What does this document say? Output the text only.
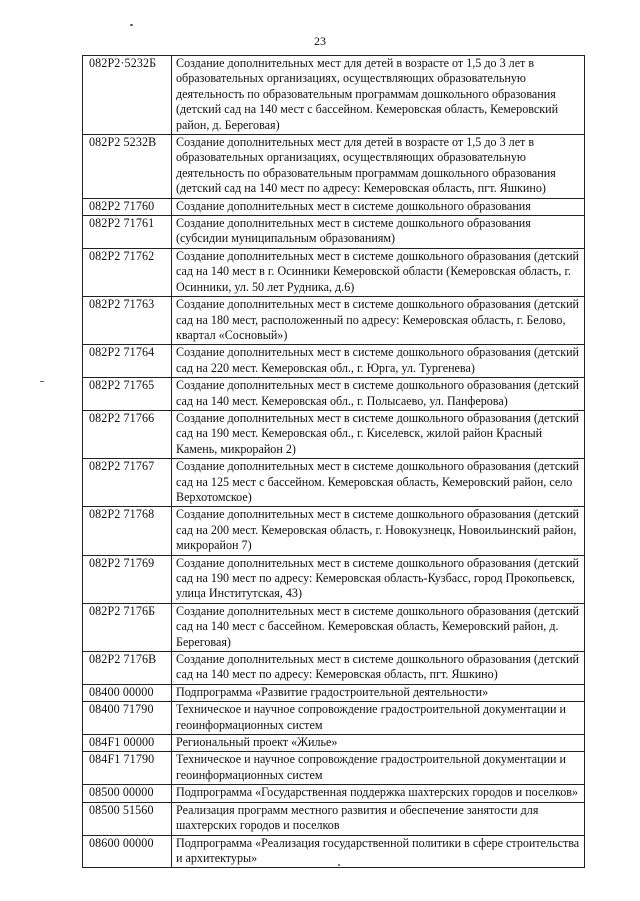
23
082P2·5232Б	Создание дополнительных мест для детей в возрасте от 1,5 до 3 лет в образовательных организациях, осуществляющих образовательную деятельность по образовательным программам дошкольного образования (детский сад на 140 мест с бассейном. Кемеровская область, Кемеровский район, д. Береговая)
082P2 5232В	Создание дополнительных мест для детей в возрасте от 1,5 до 3 лет в образовательных организациях, осуществляющих образовательную деятельность по образовательным программам дошкольного образования (детский сад на 140 мест по адресу: Кемеровская область, пгт. Яшкино)
082P2 71760	Создание дополнительных мест в системе дошкольного образования
082P2 71761	Создание дополнительных мест в системе дошкольного образования (субсидии муниципальным образованиям)
082P2 71762	Создание дополнительных мест в системе дошкольного образования (детский сад на 140 мест в г. Осинники Кемеровской области (Кемеровская область, г. Осинники, ул. 50 лет Рудника, д.6)
082P2 71763	Создание дополнительных мест в системе дошкольного образования (детский сад на 180 мест, расположенный по адресу: Кемеровская область, г. Белово, квартал «Сосновый»)
082P2 71764	Создание дополнительных мест в системе дошкольного образования (детский сад на 220 мест. Кемеровская обл., г. Юрга, ул. Тургенева)
082P2 71765	Создание дополнительных мест в системе дошкольного образования (детский сад на 140 мест. Кемеровская обл., г. Полысаево, ул. Панферова)
082P2 71766	Создание дополнительных мест в системе дошкольного образования (детский сад на 190 мест. Кемеровская обл., г. Киселевск, жилой район Красный Камень, микрорайон 2)
082P2 71767	Создание дополнительных мест в системе дошкольного образования (детский сад на 125 мест с бассейном. Кемеровская область, Кемеровский район, село Верхотомское)
082P2 71768	Создание дополнительных мест в системе дошкольного образования (детский сад на 200 мест. Кемеровская область, г. Новокузнецк, Новоильинский район, микрорайон 7)
082P2 71769	Создание дополнительных мест в системе дошкольного образования (детский сад на 190 мест по адресу: Кемеровская область-Кузбасс, город Прокопьевск, улица Институтская, 43)
082P2 7176Б	Создание дополнительных мест в системе дошкольного образования (детский сад на 140 мест с бассейном. Кемеровская область, Кемеровский район, д. Береговая)
082P2 7176В	Создание дополнительных мест в системе дошкольного образования (детский сад на 140 мест по адресу: Кемеровская область, пгт. Яшкино)
08400 00000	Подпрограмма «Развитие градостроительной деятельности»
08400 71790	Техническое и научное сопровождение градостроительной документации и геоинформационных систем
084F1 00000	Региональный проект «Жилье»
084F1 71790	Техническое и научное сопровождение градостроительной документации и геоинформационных систем
08500 00000	Подпрограмма «Государственная поддержка шахтерских городов и поселков»
08500 51560	Реализация программ местного развития и обеспечение занятости для шахтерских городов и поселков
08600 00000	Подпрограмма «Реализация государственной политики в сфере строительства и архитектуры»
